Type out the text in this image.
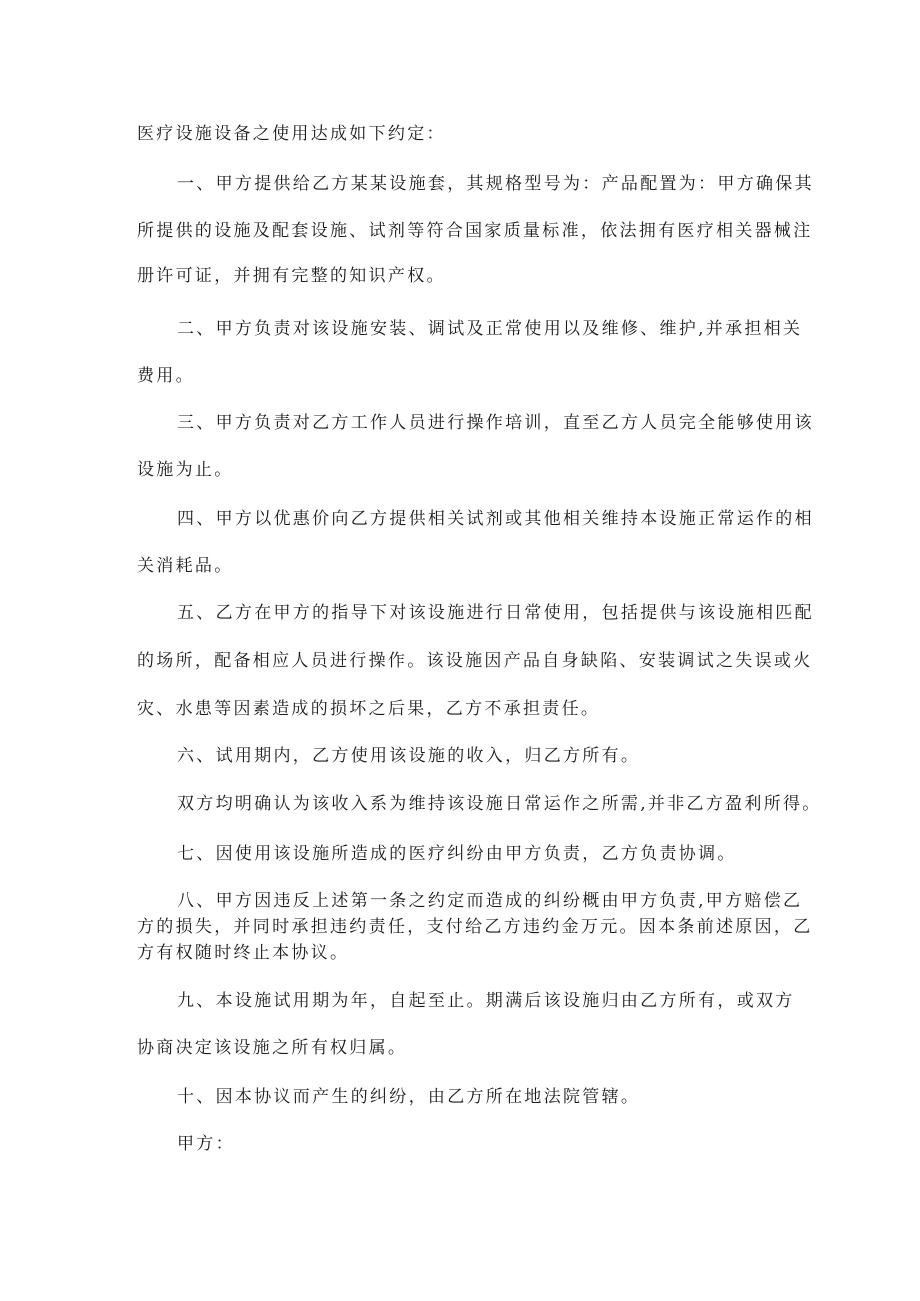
医疗设施设备之使用达成如下约定：
一、甲方提供给乙方某某设施套，其规格型号为：产品配置为：甲方确保其
所提供的设施及配套设施、试剂等符合国家质量标准，依法拥有医疗相关器械注
册许可证，并拥有完整的知识产权。
二、甲方负责对该设施安装、调试及正常使用以及维修、维护,并承担相关
费用。
三、甲方负责对乙方工作人员进行操作培训，直至乙方人员完全能够使用该
设施为止。
四、甲方以优惠价向乙方提供相关试剂或其他相关维持本设施正常运作的相
关消耗品。
五、乙方在甲方的指导下对该设施进行日常使用，包括提供与该设施相匹配
的场所，配备相应人员进行操作。该设施因产品自身缺陷、安装调试之失误或火
灾、水患等因素造成的损坏之后果，乙方不承担责任。
六、试用期内，乙方使用该设施的收入，归乙方所有。
双方均明确认为该收入系为维持该设施日常运作之所需,并非乙方盈利所得。
七、因使用该设施所造成的医疗纠纷由甲方负责，乙方负责协调。
八、甲方因违反上述第一条之约定而造成的纠纷概由甲方负责,甲方赔偿乙
方的损失，并同时承担违约责任，支付给乙方违约金万元。因本条前述原因，乙
方有权随时终止本协议。
九、本设施试用期为年，自起至止。期满后该设施归由乙方所有，或双方
协商决定该设施之所有权归属。
十、因本协议而产生的纠纷，由乙方所在地法院管辖。
甲方：
